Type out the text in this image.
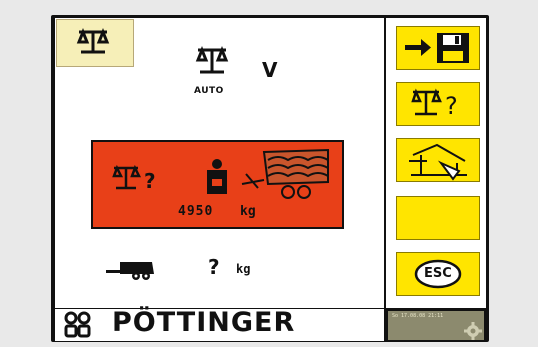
AUTO
V
?
4950 kg
? kg
PÖTTINGER
?
ESC
So 17.08.08 21:11
